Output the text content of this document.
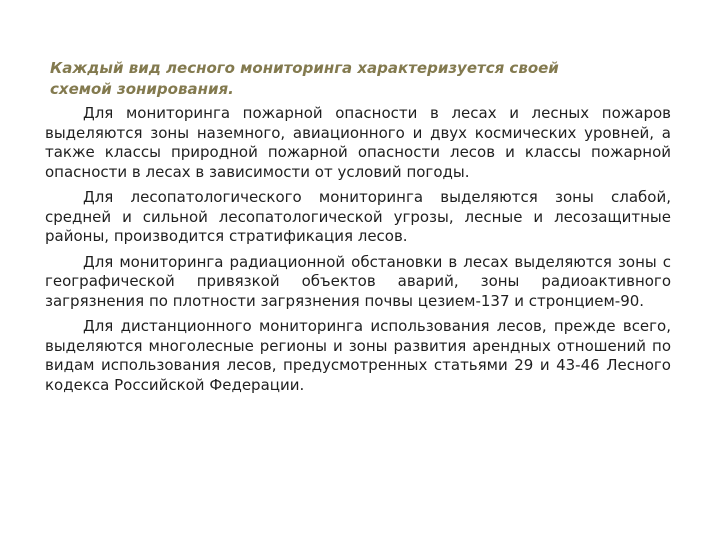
Каждый вид лесного мониторинга характеризуется своей
схемой зонирования.

Для мониторинга пожарной опасности в лесах и лесных пожаров выделяются зоны наземного, авиационного и двух космических уровней, а также классы природной пожарной опасности лесов и классы пожарной опасности в лесах в зависимости от условий погоды.

Для лесопатологического мониторинга выделяются зоны слабой, средней и сильной лесопатологической угрозы, лесные и лесозащитные районы, производится стратификация лесов.

Для мониторинга радиационной обстановки в лесах выделяются зоны с географической привязкой объектов аварий, зоны радиоактивного загрязнения по плотности загрязнения почвы цезием-137 и стронцием-90.

Для дистанционного мониторинга использования лесов, прежде всего, выделяются многолесные регионы и зоны развития арендных отношений по видам использования лесов, предусмотренных статьями 29 и 43-46 Лесного кодекса Российской Федерации.
